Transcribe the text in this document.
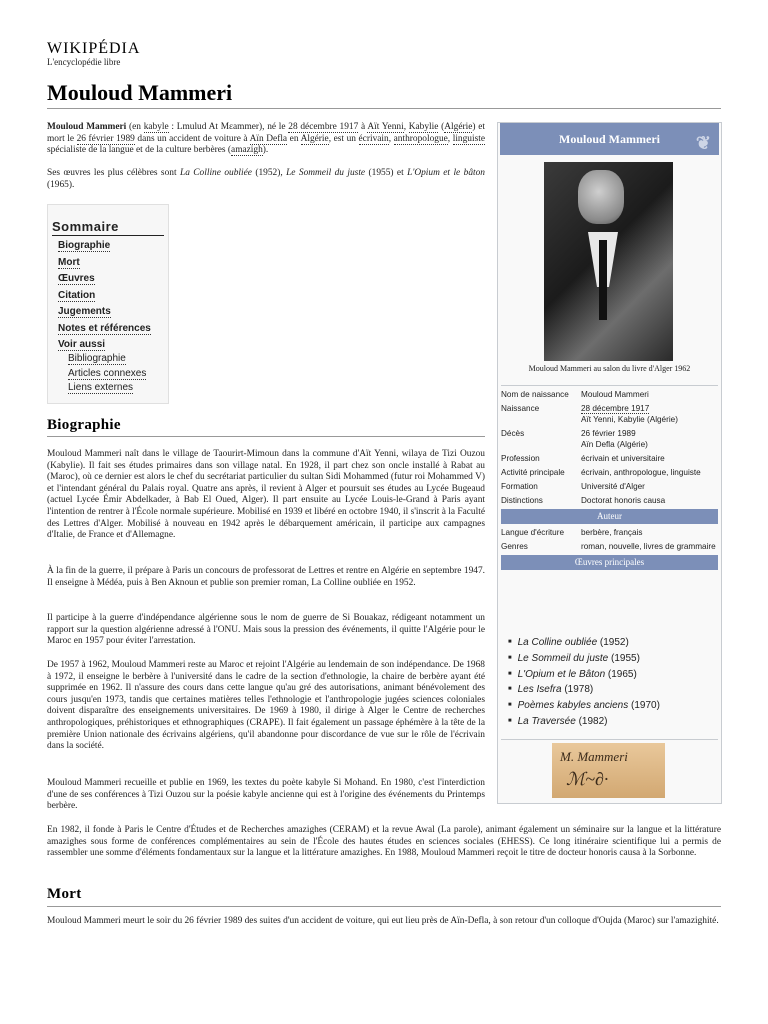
WIKIPÉDIA
L'encyclopédie libre
Mouloud Mammeri

Mouloud Mammeri (en kabyle : Lmulud At Mɛammer), né le 28 décembre 1917 à Aït Yenni, Kabylie (Algérie) et mort le 26 février 1989 dans un accident de voiture à Aïn Defla en Algérie, est un écrivain, anthropologue, linguiste spécialiste de la langue et de la culture berbères (amazigh).

Ses œuvres les plus célèbres sont La Colline oubliée (1952), Le Sommeil du juste (1955) et L'Opium et le bâton (1965).

Sommaire
Biographie
Mort
Œuvres
Citation
Jugements
Notes et références
Voir aussi
Bibliographie
Articles connexes
Liens externes
Biographie

Mouloud Mammeri naît dans le village de Taourirt-Mimoun dans la commune d'Aït Yenni, wilaya de Tizi Ouzou (Kabylie). Il fait ses études primaires dans son village natal. En 1928, il part chez son oncle installé à Rabat au (Maroc), où ce dernier est alors le chef du secrétariat particulier du sultan Sidi Mohammed (futur roi Mohammed V) et l'intendant général du Palais royal. Quatre ans après, il revient à Alger et poursuit ses études au Lycée Bugeaud (actuel Lycée Émir Abdelkader, à Bab El Oued, Alger). Il part ensuite au Lycée Louis-le-Grand à Paris ayant l'intention de rentrer à l'École normale supérieure. Mobilisé en 1939 et libéré en octobre 1940, il s'inscrit à la Faculté des Lettres d'Alger. Mobilisé à nouveau en 1942 après le débarquement américain, il participe aux campagnes d'Italie, de France et d'Allemagne.

À la fin de la guerre, il prépare à Paris un concours de professorat de Lettres et rentre en Algérie en septembre 1947. Il enseigne à Médéa, puis à Ben Aknoun et publie son premier roman, La Colline oubliée en 1952.

Il participe à la guerre d'indépendance algérienne sous le nom de guerre de Si Bouakaz, rédigeant notamment un rapport sur la question algérienne adressé à l'ONU. Mais sous la pression des événements, il quitte l'Algérie pour le Maroc en 1957 pour éviter l'arrestation.

De 1957 à 1962, Mouloud Mammeri reste au Maroc et rejoint l'Algérie au lendemain de son indépendance. De 1968 à 1972, il enseigne le berbère à l'université dans le cadre de la section d'ethnologie, la chaire de berbère ayant été supprimée en 1962. Il n'assure des cours dans cette langue qu'au gré des autorisations, animant bénévolement des cours jusqu'en 1973, tandis que certaines matières telles l'ethnologie et l'anthropologie jugées sciences coloniales doivent disparaître des enseignements universitaires. De 1969 à 1980, il dirige à Alger le Centre de recherches anthropologiques, préhistoriques et ethnographiques (CRAPE). Il fait également un passage éphémère à la tête de la première Union nationale des écrivains algériens, qu'il abandonne pour discordance de vue sur le rôle de l'écrivain dans la société.

Mouloud Mammeri recueille et publie en 1969, les textes du poète kabyle Si Mohand. En 1980, c'est l'interdiction d'une de ses conférences à Tizi Ouzou sur la poésie kabyle ancienne qui est à l'origine des événements du Printemps berbère.

En 1982, il fonde à Paris le Centre d'Études et de Recherches amazighes (CERAM) et la revue Awal (La parole), animant également un séminaire sur la langue et la littérature amazighes sous forme de conférences complémentaires au sein de l'École des hautes études en sciences sociales (EHESS). Ce long itinéraire scientifique lui a permis de rassembler une somme d'éléments fondamentaux sur la langue et la littérature amazighes. En 1988, Mouloud Mammeri reçoit le titre de docteur honoris causa à la Sorbonne.

Mort

Mouloud Mammeri meurt le soir du 26 février 1989 des suites d'un accident de voiture, qui eut lieu près de Aïn-Defla, à son retour d'un colloque d'Oujda (Maroc) sur l'amazighité.

Mouloud Mammeri ❦
Mouloud Mammeri au salon du livre d'Alger 1962
Nom de naissance	Mouloud Mammeri
Naissance	28 décembre 1917
Aït Yenni, Kabylie (Algérie)
Décès	26 février 1989
Aïn Defla (Algérie)
Profession	écrivain et universitaire
Activité principale	écrivain, anthropologue, linguiste
Formation	Université d'Alger
Distinctions	Doctorat honoris causa
Auteur
Langue d'écriture	berbère, français
Genres	roman, nouvelle, livres de grammaire
Œuvres principales
■ La Colline oubliée (1952)
■ Le Sommeil du juste (1955)
■ L'Opium et le Bâton (1965)
■ Les Isefra (1978)
■ Poèmes kabyles anciens (1970)
■ La Traversée (1982)
M. Mammeri
ℳ~∂·
